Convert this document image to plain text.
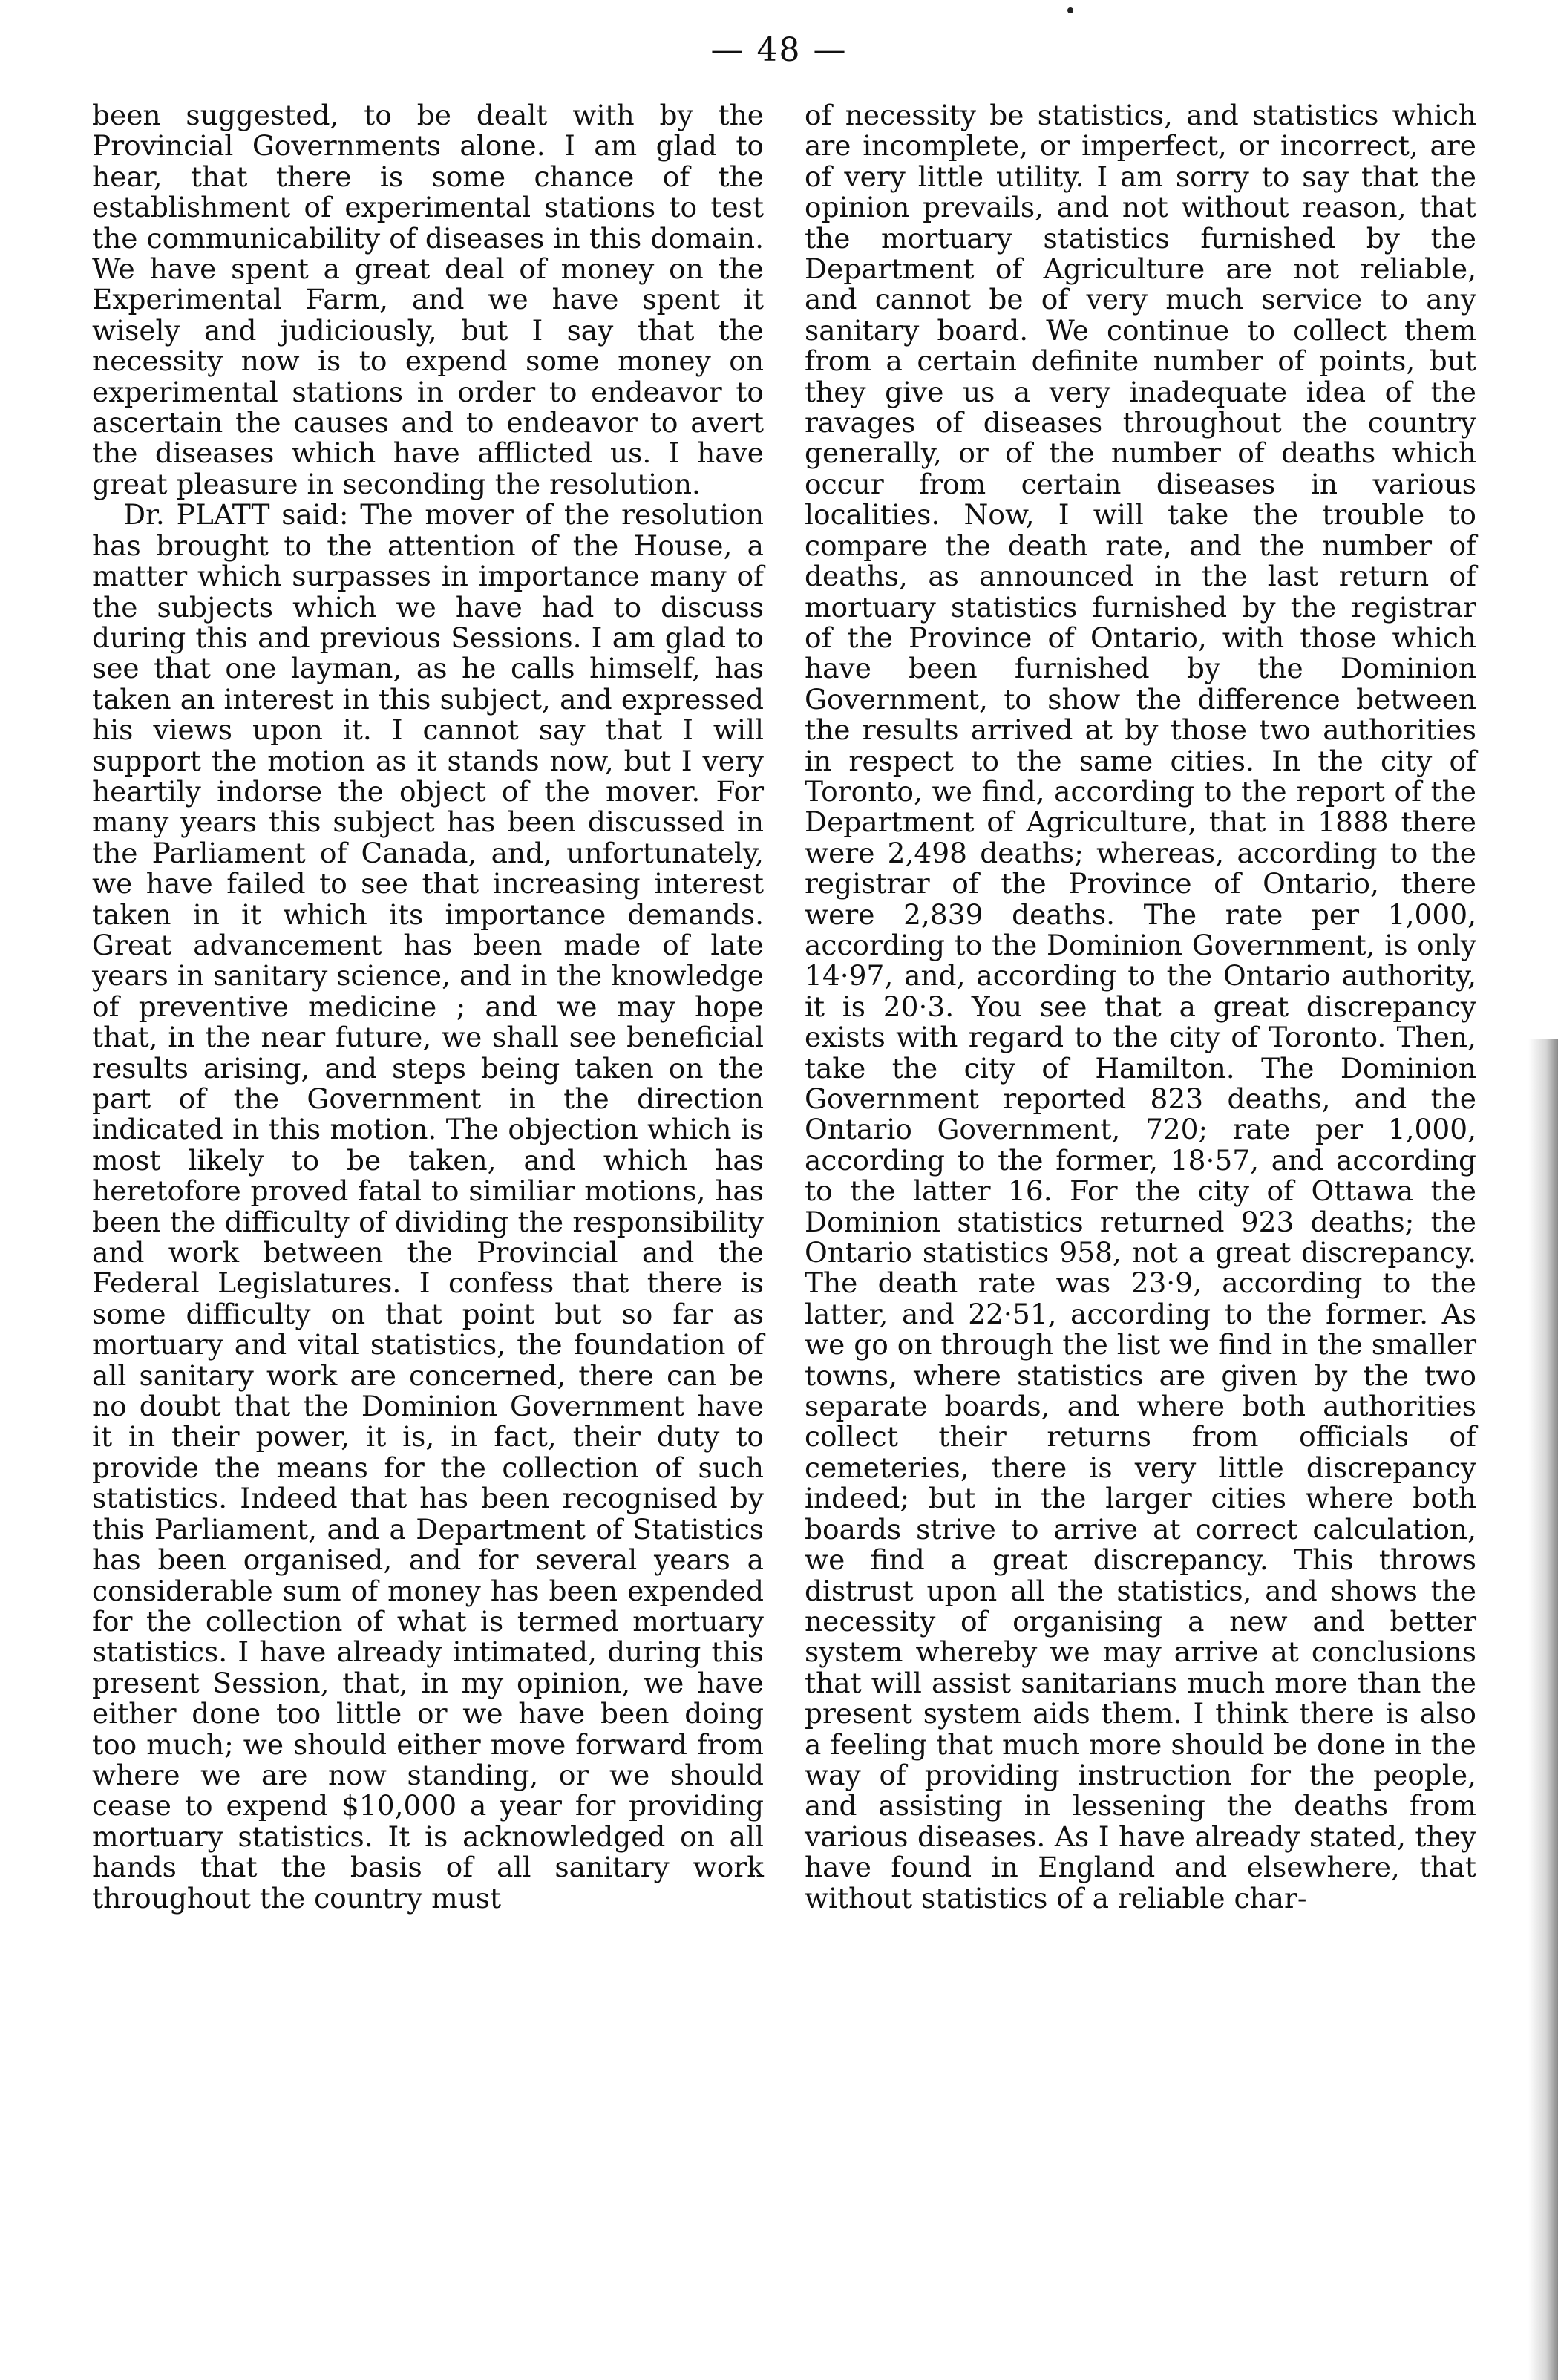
— 48 —

been suggested, to be dealt with by the Provincial Governments alone. I am glad to hear, that there is some chance of the establishment of experimental stations to test the communicability of diseases in this domain. We have spent a great deal of money on the Experimental Farm, and we have spent it wisely and judiciously, but I say that the necessity now is to expend some money on experimental stations in order to endeavor to ascertain the causes and to endeavor to avert the diseases which have afflicted us. I have great pleasure in seconding the resolution.

Dr. PLATT said: The mover of the resolution has brought to the attention of the House, a matter which surpasses in importance many of the subjects which we have had to discuss during this and previous Sessions. I am glad to see that one layman, as he calls himself, has taken an interest in this subject, and expressed his views upon it. I cannot say that I will support the motion as it stands now, but I very heartily indorse the object of the mover. For many years this subject has been discussed in the Parliament of Canada, and, unfortunately, we have failed to see that increasing interest taken in it which its importance demands. Great advancement has been made of late years in sanitary science, and in the knowledge of preventive medicine ; and we may hope that, in the near future, we shall see beneficial results arising, and steps being taken on the part of the Government in the direction indicated in this motion. The objection which is most likely to be taken, and which has heretofore proved fatal to similiar motions, has been the difficulty of dividing the responsibility and work between the Provincial and the Federal Legislatures. I confess that there is some difficulty on that point but so far as mortuary and vital statistics, the foundation of all sanitary work are concerned, there can be no doubt that the Dominion Government have it in their power, it is, in fact, their duty to provide the means for the collection of such statistics. Indeed that has been recognised by this Parliament, and a Department of Statistics has been organised, and for several years a considerable sum of money has been expended for the collection of what is termed mortuary statistics. I have already intimated, during this present Session, that, in my opinion, we have either done too little or we have been doing too much; we should either move forward from where we are now standing, or we should cease to expend $10,000 a year for providing mortuary statistics. It is acknowledged on all hands that the basis of all sanitary work throughout the country must

of necessity be statistics, and statistics which are incomplete, or imperfect, or incorrect, are of very little utility. I am sorry to say that the opinion prevails, and not without reason, that the mortuary statistics furnished by the Department of Agriculture are not reliable, and cannot be of very much service to any sanitary board. We continue to collect them from a certain definite number of points, but they give us a very inadequate idea of the ravages of diseases throughout the country generally, or of the number of deaths which occur from certain diseases in various localities. Now, I will take the trouble to compare the death rate, and the number of deaths, as announced in the last return of mortuary statistics furnished by the registrar of the Province of Ontario, with those which have been furnished by the Dominion Government, to show the difference between the results arrived at by those two authorities in respect to the same cities. In the city of Toronto, we find, according to the report of the Department of Agriculture, that in 1888 there were 2,498 deaths; whereas, according to the registrar of the Province of Ontario, there were 2,839 deaths. The rate per 1,000, according to the Dominion Government, is only 14·97, and, according to the Ontario authority, it is 20·3. You see that a great discrepancy exists with regard to the city of Toronto. Then, take the city of Hamilton. The Dominion Government reported 823 deaths, and the Ontario Government, 720; rate per 1,000, according to the former, 18·57, and according to the latter 16. For the city of Ottawa the Dominion statistics returned 923 deaths; the Ontario statistics 958, not a great discrepancy. The death rate was 23·9, according to the latter, and 22·51, according to the former. As we go on through the list we find in the smaller towns, where statistics are given by the two separate boards, and where both authorities collect their returns from officials of cemeteries, there is very little discrepancy indeed; but in the larger cities where both boards strive to arrive at correct calculation, we find a great discrepancy. This throws distrust upon all the statistics, and shows the necessity of organising a new and better system whereby we may arrive at conclusions that will assist sanitarians much more than the present system aids them. I think there is also a feeling that much more should be done in the way of providing instruction for the people, and assisting in lessening the deaths from various diseases. As I have already stated, they have found in England and elsewhere, that without statistics of a reliable char-
